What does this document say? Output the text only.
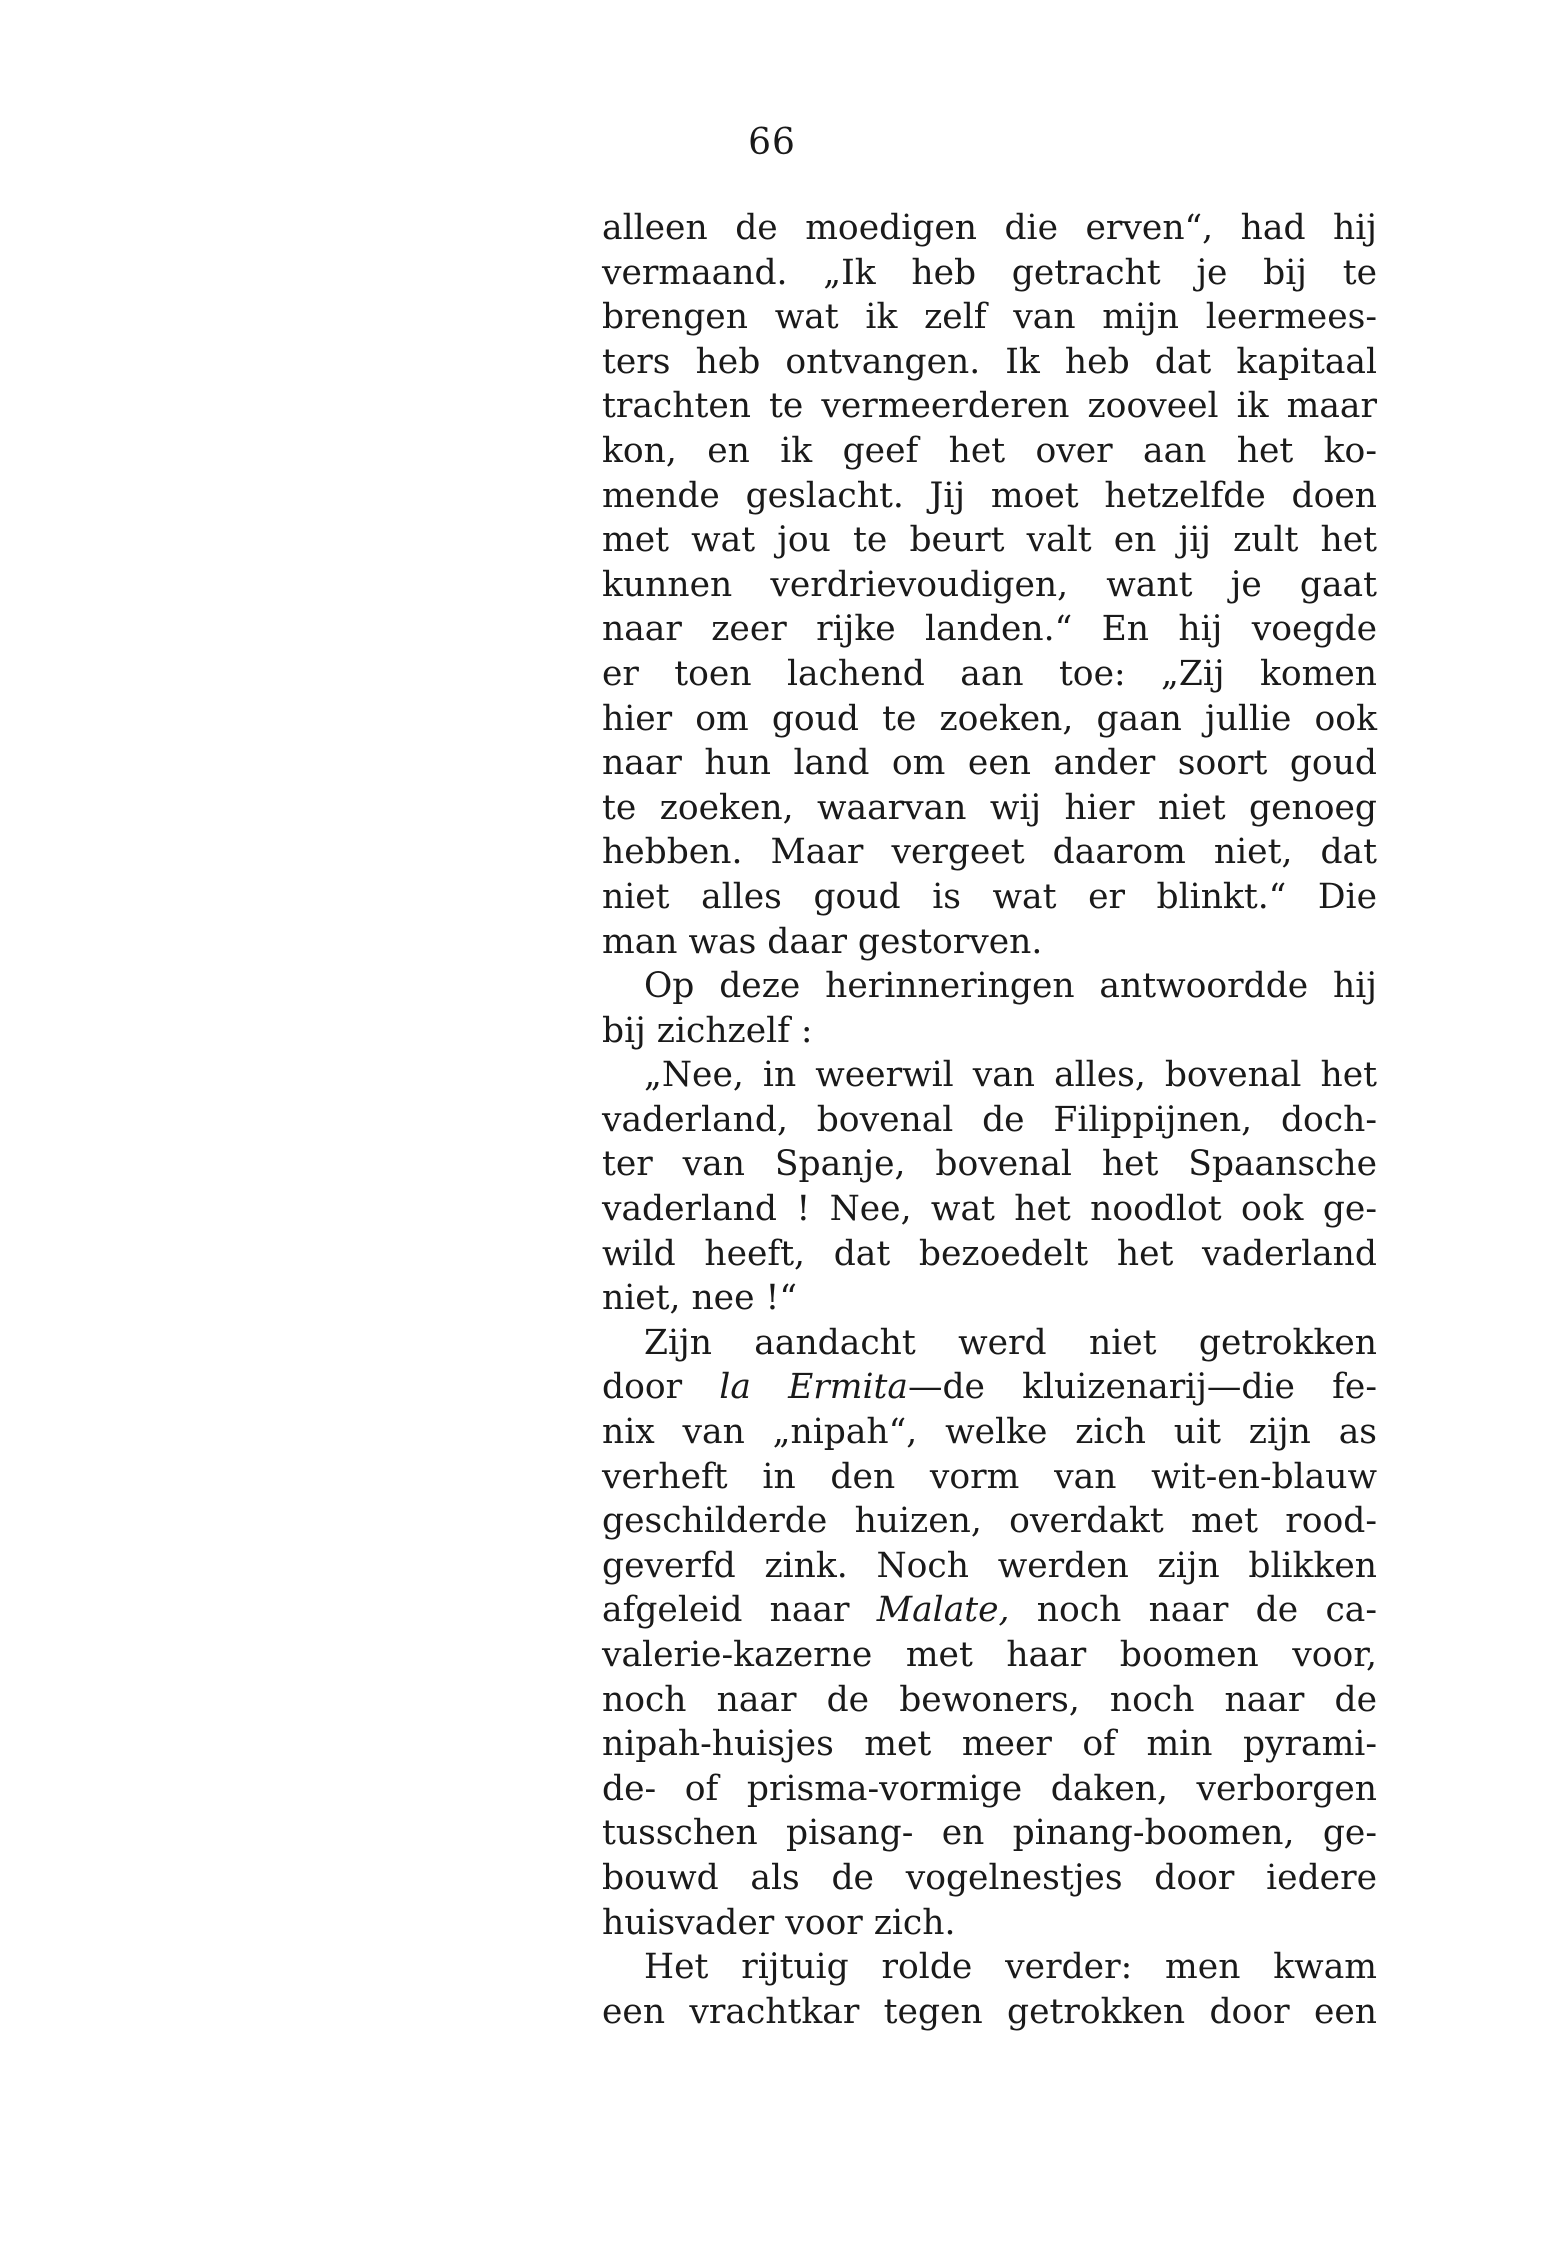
66
alleen de moedigen die erven“, had hij
vermaand. „Ik heb getracht je bij te
brengen wat ik zelf van mijn leermees-
ters heb ontvangen. Ik heb dat kapitaal
trachten te vermeerderen zooveel ik maar
kon, en ik geef het over aan het ko-
mende geslacht. Jij moet hetzelfde doen
met wat jou te beurt valt en jij zult het
kunnen verdrievoudigen, want je gaat
naar zeer rijke landen.“ En hij voegde
er toen lachend aan toe: „Zij komen
hier om goud te zoeken, gaan jullie ook
naar hun land om een ander soort goud
te zoeken, waarvan wij hier niet genoeg
hebben. Maar vergeet daarom niet, dat
niet alles goud is wat er blinkt.“ Die
man was daar gestorven.
Op deze herinneringen antwoordde hij
bij zichzelf :
„Nee, in weerwil van alles, bovenal het
vaderland, bovenal de Filippijnen, doch-
ter van Spanje, bovenal het Spaansche
vaderland ! Nee, wat het noodlot ook ge-
wild heeft, dat bezoedelt het vaderland
niet, nee !“
Zijn aandacht werd niet getrokken
door la Ermita—de kluizenarij—die fe-
nix van „nipah“, welke zich uit zijn as
verheft in den vorm van wit-en-blauw
geschilderde huizen, overdakt met rood-
geverfd zink. Noch werden zijn blikken
afgeleid naar Malate, noch naar de ca-
valerie-kazerne met haar boomen voor,
noch naar de bewoners, noch naar de
nipah-huisjes met meer of min pyrami-
de- of prisma-vormige daken, verborgen
tusschen pisang- en pinang-boomen, ge-
bouwd als de vogelnestjes door iedere
huisvader voor zich.
Het rijtuig rolde verder: men kwam
een vrachtkar tegen getrokken door een
